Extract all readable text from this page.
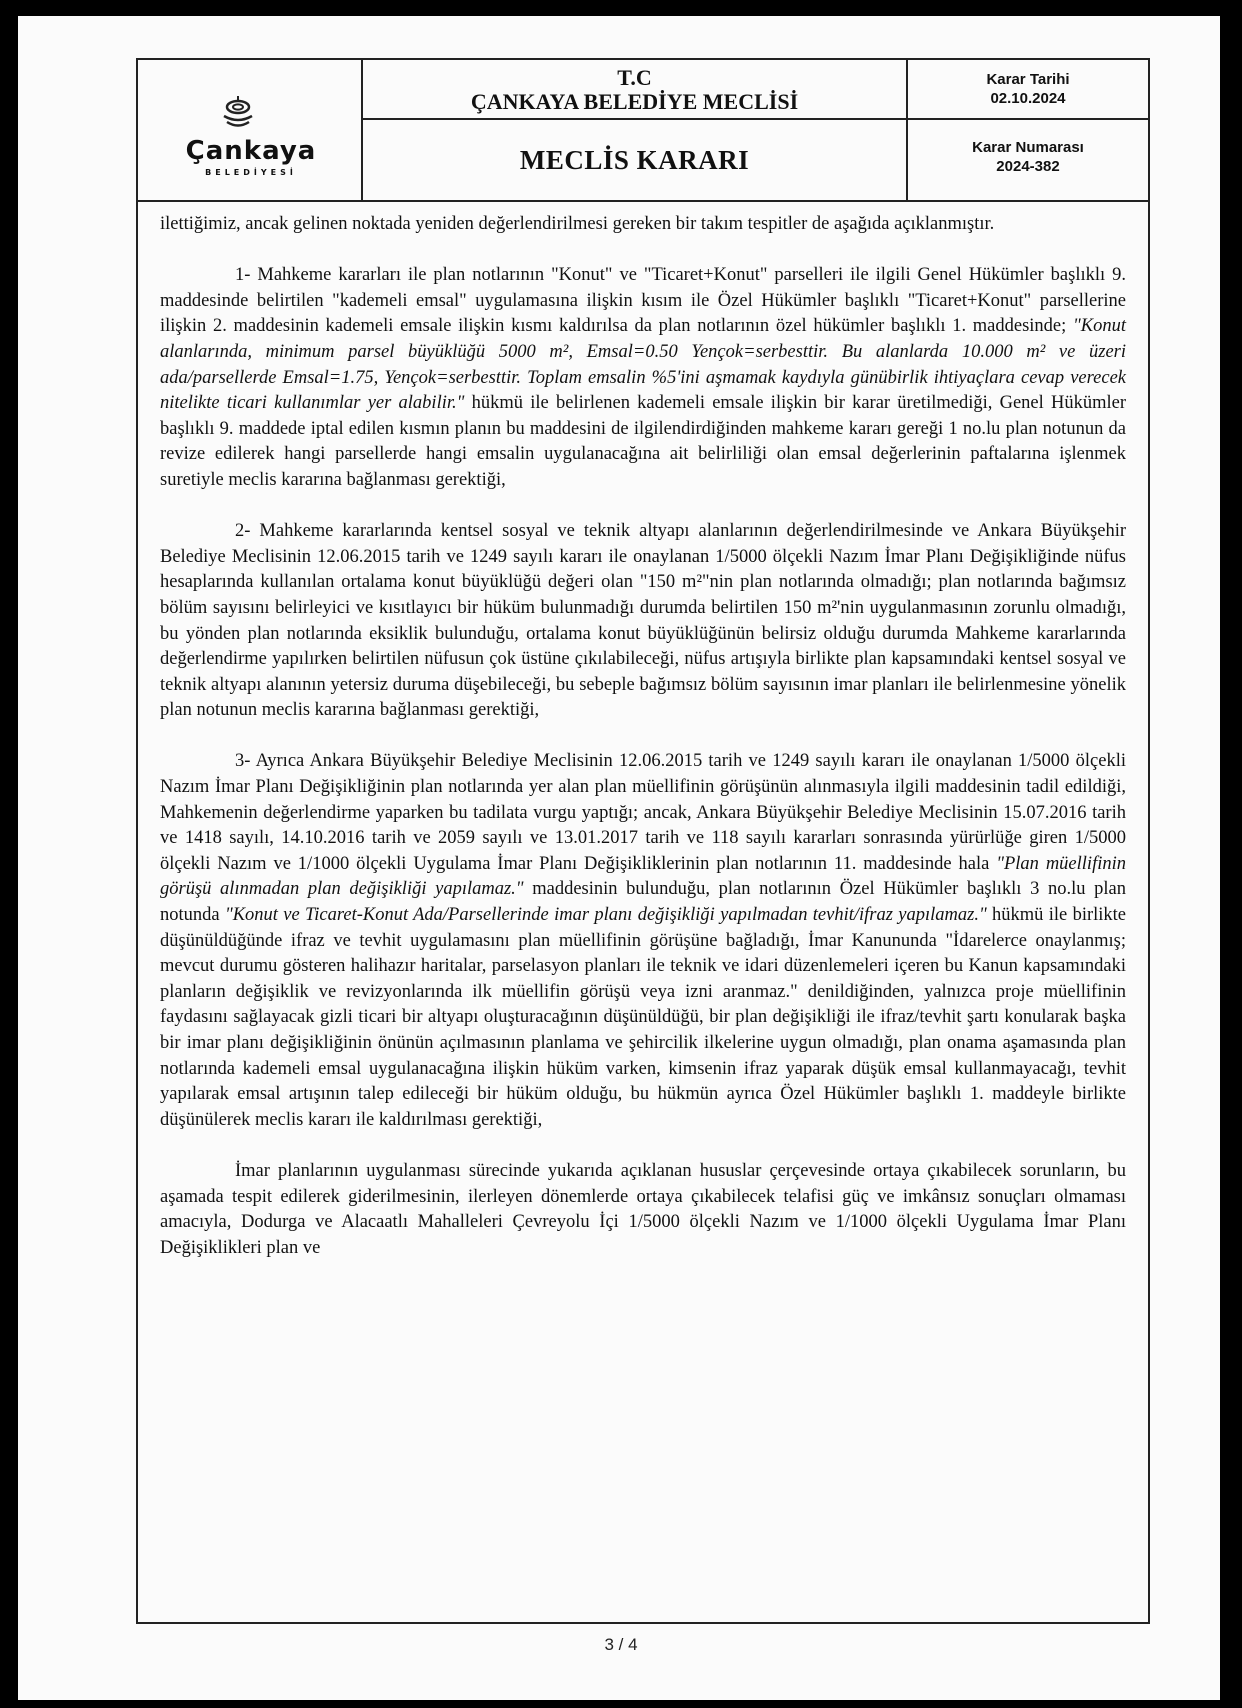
Çankaya
BELEDİYESİ
T.C
ÇANKAYA BELEDİYE MECLİSİ
MECLİS KARARI
Karar Tarihi
02.10.2024
Karar Numarası
2024-382

ilettiğimiz, ancak gelinen noktada yeniden değerlendirilmesi gereken bir takım tespitler de aşağıda açıklanmıştır.

1- Mahkeme kararları ile plan notlarının "Konut" ve "Ticaret+Konut" parselleri ile ilgili Genel Hükümler başlıklı 9. maddesinde belirtilen "kademeli emsal" uygulamasına ilişkin kısım ile Özel Hükümler başlıklı "Ticaret+Konut" parsellerine ilişkin 2. maddesinin kademeli emsale ilişkin kısmı kaldırılsa da plan notlarının özel hükümler başlıklı 1. maddesinde; "Konut alanlarında, minimum parsel büyüklüğü 5000 m², Emsal=0.50 Yençok=serbesttir. Bu alanlarda 10.000 m² ve üzeri ada/parsellerde Emsal=1.75, Yençok=serbesttir. Toplam emsalin %5'ini aşmamak kaydıyla günübirlik ihtiyaçlara cevap verecek nitelikte ticari kullanımlar yer alabilir." hükmü ile belirlenen kademeli emsale ilişkin bir karar üretilmediği, Genel Hükümler başlıklı 9. maddede iptal edilen kısmın planın bu maddesini de ilgilendirdiğinden mahkeme kararı gereği 1 no.lu plan notunun da revize edilerek hangi parsellerde hangi emsalin uygulanacağına ait belirliliği olan emsal değerlerinin paftalarına işlenmek suretiyle meclis kararına bağlanması gerektiği,

2- Mahkeme kararlarında kentsel sosyal ve teknik altyapı alanlarının değerlendirilmesinde ve Ankara Büyükşehir Belediye Meclisinin 12.06.2015 tarih ve 1249 sayılı kararı ile onaylanan 1/5000 ölçekli Nazım İmar Planı Değişikliğinde nüfus hesaplarında kullanılan ortalama konut büyüklüğü değeri olan "150 m²"nin plan notlarında olmadığı; plan notlarında bağımsız bölüm sayısını belirleyici ve kısıtlayıcı bir hüküm bulunmadığı durumda belirtilen 150 m²'nin uygulanmasının zorunlu olmadığı, bu yönden plan notlarında eksiklik bulunduğu, ortalama konut büyüklüğünün belirsiz olduğu durumda Mahkeme kararlarında değerlendirme yapılırken belirtilen nüfusun çok üstüne çıkılabileceği, nüfus artışıyla birlikte plan kapsamındaki kentsel sosyal ve teknik altyapı alanının yetersiz duruma düşebileceği, bu sebeple bağımsız bölüm sayısının imar planları ile belirlenmesine yönelik plan notunun meclis kararına bağlanması gerektiği,

3- Ayrıca Ankara Büyükşehir Belediye Meclisinin 12.06.2015 tarih ve 1249 sayılı kararı ile onaylanan 1/5000 ölçekli Nazım İmar Planı Değişikliğinin plan notlarında yer alan plan müellifinin görüşünün alınmasıyla ilgili maddesinin tadil edildiği, Mahkemenin değerlendirme yaparken bu tadilata vurgu yaptığı; ancak, Ankara Büyükşehir Belediye Meclisinin 15.07.2016 tarih ve 1418 sayılı, 14.10.2016 tarih ve 2059 sayılı ve 13.01.2017 tarih ve 118 sayılı kararları sonrasında yürürlüğe giren 1/5000 ölçekli Nazım ve 1/1000 ölçekli Uygulama İmar Planı Değişikliklerinin plan notlarının 11. maddesinde hala "Plan müellifinin görüşü alınmadan plan değişikliği yapılamaz." maddesinin bulunduğu, plan notlarının Özel Hükümler başlıklı 3 no.lu plan notunda "Konut ve Ticaret-Konut Ada/Parsellerinde imar planı değişikliği yapılmadan tevhit/ifraz yapılamaz." hükmü ile birlikte düşünüldüğünde ifraz ve tevhit uygulamasını plan müellifinin görüşüne bağladığı, İmar Kanununda "İdarelerce onaylanmış; mevcut durumu gösteren halihazır haritalar, parselasyon planları ile teknik ve idari düzenlemeleri içeren bu Kanun kapsamındaki planların değişiklik ve revizyonlarında ilk müellifin görüşü veya izni aranmaz." denildiğinden, yalnızca proje müellifinin faydasını sağlayacak gizli ticari bir altyapı oluşturacağının düşünüldüğü, bir plan değişikliği ile ifraz/tevhit şartı konularak başka bir imar planı değişikliğinin önünün açılmasının planlama ve şehircilik ilkelerine uygun olmadığı, plan onama aşamasında plan notlarında kademeli emsal uygulanacağına ilişkin hüküm varken, kimsenin ifraz yaparak düşük emsal kullanmayacağı, tevhit yapılarak emsal artışının talep edileceği bir hüküm olduğu, bu hükmün ayrıca Özel Hükümler başlıklı 1. maddeyle birlikte düşünülerek meclis kararı ile kaldırılması gerektiği,

İmar planlarının uygulanması sürecinde yukarıda açıklanan hususlar çerçevesinde ortaya çıkabilecek sorunların, bu aşamada tespit edilerek giderilmesinin, ilerleyen dönemlerde ortaya çıkabilecek telafisi güç ve imkânsız sonuçları olmaması amacıyla, Dodurga ve Alacaatlı Mahalleleri Çevreyolu İçi 1/5000 ölçekli Nazım ve 1/1000 ölçekli Uygulama İmar Planı Değişiklikleri plan ve

3 / 4
